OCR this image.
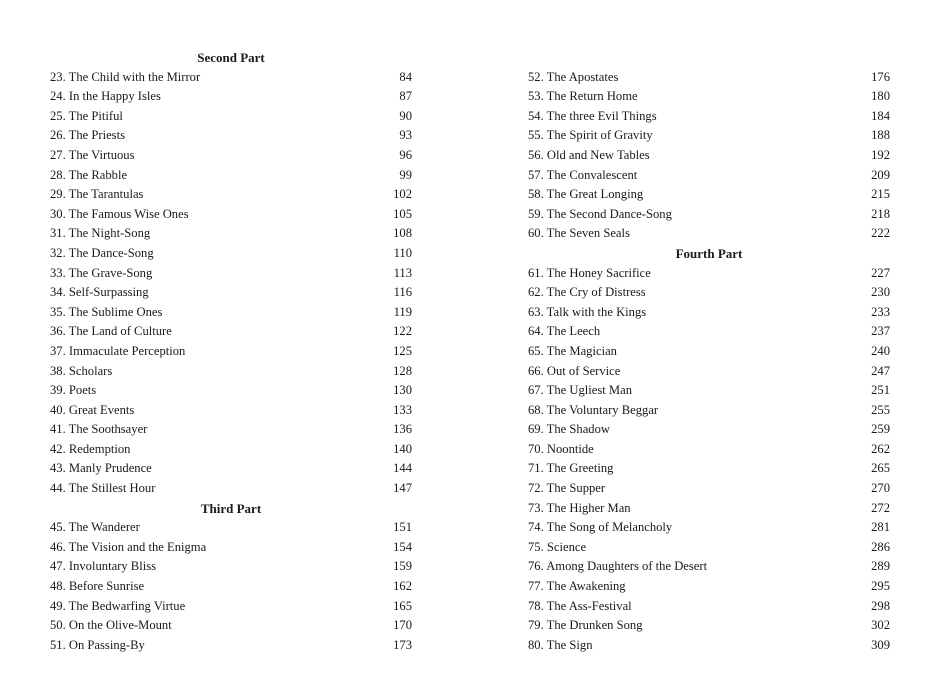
Second Part
23. The Child with the Mirror	84
24. In the Happy Isles	87
25. The Pitiful	90
26. The Priests	93
27. The Virtuous	96
28. The Rabble	99
29. The Tarantulas	102
30. The Famous Wise Ones	105
31. The Night-Song	108
32. The Dance-Song	110
33. The Grave-Song	113
34. Self-Surpassing	116
35. The Sublime Ones	119
36. The Land of Culture	122
37. Immaculate Perception	125
38. Scholars	128
39. Poets	130
40. Great Events	133
41. The Soothsayer	136
42. Redemption	140
43. Manly Prudence	144
44. The Stillest Hour	147
Third Part
45. The Wanderer	151
46. The Vision and the Enigma	154
47. Involuntary Bliss	159
48. Before Sunrise	162
49. The Bedwarfing Virtue	165
50. On the Olive-Mount	170
51. On Passing-By	173
52. The Apostates	176
53. The Return Home	180
54. The three Evil Things	184
55. The Spirit of Gravity	188
56. Old and New Tables	192
57. The Convalescent	209
58. The Great Longing	215
59. The Second Dance-Song	218
60. The Seven Seals	222
Fourth Part
61. The Honey Sacrifice	227
62. The Cry of Distress	230
63. Talk with the Kings	233
64. The Leech	237
65. The Magician	240
66. Out of Service	247
67. The Ugliest Man	251
68. The Voluntary Beggar	255
69. The Shadow	259
70. Noontide	262
71. The Greeting	265
72. The Supper	270
73. The Higher Man	272
74. The Song of Melancholy	281
75. Science	286
76. Among Daughters of the Desert	289
77. The Awakening	295
78. The Ass-Festival	298
79. The Drunken Song	302
80. The Sign	309
